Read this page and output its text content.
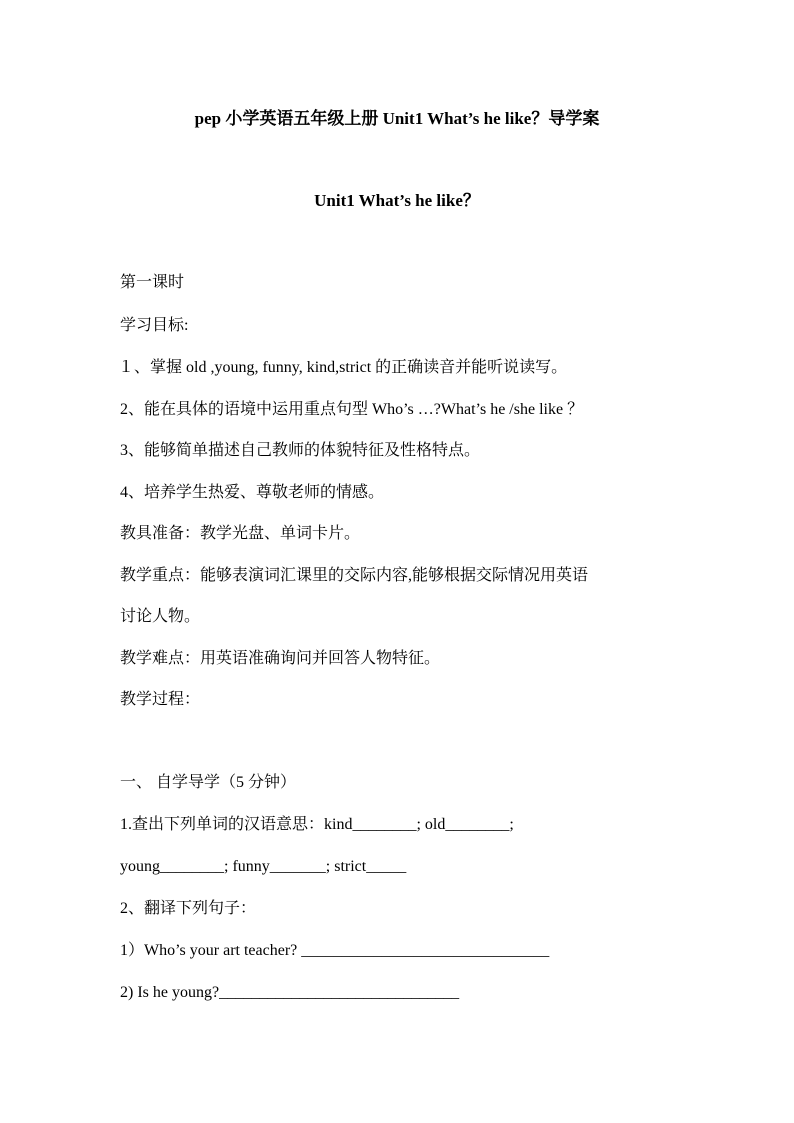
pep 小学英语五年级上册 Unit1 What’s he like？导学案
Unit1 What’s he like？
第一课时
学习目标:
１、掌握 old ,young, funny, kind,strict 的正确读音并能听说读写。
2、能在具体的语境中运用重点句型 Who’s …?What’s he /she like ？
3、能够简单描述自己教师的体貌特征及性格特点。
4、培养学生热爱、尊敬老师的情感。
教具准备：教学光盘、单词卡片。
教学重点：能够表演词汇课里的交际内容,能够根据交际情况用英语
讨论人物。
教学难点：用英语准确询问并回答人物特征。
教学过程：
一、 自学导学（5 分钟）
1.查出下列单词的汉语意思：kind________; old________;
young________; funny_______; strict_____
2、翻译下列句子：
1）Who’s your art teacher? _______________________________
2) Is he young?______________________________
